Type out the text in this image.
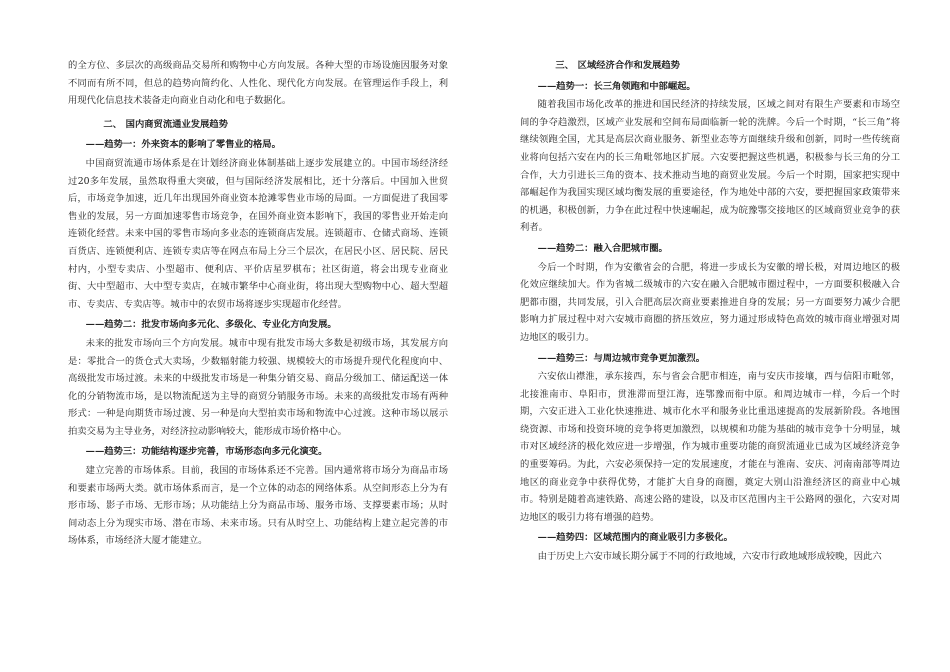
的全方位、多层次的高级商品交易所和购物中心方向发展。各种大型的市场设施因服务对象不同而有所不同，但总的趋势向简约化、人性化、现代化方向发展。在管理运作手段上，利用现代化信息技术装备走向商业自动化和电子数据化。

二、 国内商贸流通业发展趋势

——趋势一：外来资本的影响了零售业的格局。

中国商贸流通市场体系是在计划经济商业体制基础上逐步发展建立的。中国市场经济经过20多年发展，虽然取得重大突破，但与国际经济发展相比，还十分落后。中国加入世贸后，市场竞争加速，近几年出现国外商业资本抢滩零售业市场的局面。一方面促进了我国零售业的发展，另一方面加速零售市场竞争，在国外商业资本影响下，我国的零售业开始走向连锁化经营。未来中国的零售市场向多业态的连锁商店发展。连锁超市、仓储式商场、连锁百货店、连锁便利店、连锁专卖店等在网点布局上分三个层次，在居民小区、居民院、居民村内，小型专卖店、小型超市、便利店、平价店星罗棋布；社区街道，将会出现专业商业街、大中型超市、大中型专卖店，在城市繁华中心商业街，将出现大型购物中心、超大型超市、专卖店、专卖店等。城市中的农贸市场将逐步实现超市化经营。

——趋势二：批发市场向多元化、多级化、专业化方向发展。

未来的批发市场向三个方向发展。城市中现有批发市场大多数是初级市场，其发展方向是：零批合一的货仓式大卖场，少数辐射能力较强、规模较大的市场提升现代化程度向中、高级批发市场过渡。未来的中级批发市场是一种集分销交易、商品分级加工、储运配送一体化的分销物流市场，是以物流配送为主导的商贸分销服务市场。未来的高级批发市场有两种形式：一种是向期货市场过渡、另一种是向大型拍卖市场和物流中心过渡。这种市场以展示拍卖交易为主导业务，对经济拉动影响较大，能形成市场价格中心。

——趋势三：功能结构逐步完善，市场形态向多元化演变。

建立完善的市场体系。目前，我国的市场体系还不完善。国内通常将市场分为商品市场和要素市场两大类。就市场体系而言，是一个立体的动态的网络体系。从空间形态上分为有形市场、影子市场、无形市场；从功能结上分为商品市场、服务市场、支撑要素市场；从时间动态上分为现实市场、潜在市场、未来市场。只有从时空上、功能结构上建立起完善的市场体系，市场经济大厦才能建立。

三、 区域经济合作和发展趋势

——趋势一：长三角领跑和中部崛起。

随着我国市场化改革的推进和国民经济的持续发展，区域之间对有限生产要素和市场空间的争夺趋激烈，区域产业发展和空间布局面临新一轮的洗牌。今后一个时期，“长三角”将继续领跑全国，尤其是高层次商业服务、新型业态等方面继续升级和创新，同时一些传统商业将向包括六安在内的长三角毗邻地区扩展。六安要把握这些机遇，积极参与长三角的分工合作，大力引进长三角的资本、技术推动当地的商贸业发展。今后一个时期，国家把实现中部崛起作为我国实现区域均衡发展的重要途径，作为地处中部的六安，要把握国家政策带来的机遇，积极创新，力争在此过程中快速崛起，成为皖豫鄂交接地区的区域商贸业竞争的获利者。

——趋势二：融入合肥城市圈。

今后一个时期，作为安徽省会的合肥，将进一步成长为安徽的增长极，对周边地区的极化效应继续加大。作为省城二级城市的六安在融入合肥城市圈过程中，一方面要积极融入合肥都市圈，共同发展，引入合肥高层次商业要素推进自身的发展；另一方面要努力减少合肥影响力扩展过程中对六安城市商圈的挤压效应，努力通过形成特色高效的城市商业增强对周边地区的吸引力。

——趋势三：与周边城市竞争更加激烈。

六安依山襟淮，承东接西，东与省会合肥市相连，南与安庆市接壤，西与信阳市毗邻，北接淮南市、阜阳市，贯淮滞而望江海，连鄂豫而衔中原。和周边城市一样，今后一个时期，六安正进入工业化快速推进、城市化水平和服务业比重迅速提高的发展新阶段。各地围绕资源、市场和投资环境的竞争将更加激烈，以规模和功能为基础的城市竞争十分明显，城市对区域经济的极化效应进一步增强，作为城市重要功能的商贸流通业已成为区域经济竞争的重要筹码。为此，六安必须保持一定的发展速度，才能在与淮南、安庆、河南南部等周边地区的商业竞争中获得优势，才能扩大自身的商圈，奠定大别山沿淮经济区的商业中心城市。特别是随着高速铁路、高速公路的建设，以及市区范围内主干公路网的强化，六安对周边地区的吸引力将有增强的趋势。

——趋势四：区域范围内的商业吸引力多极化。

由于历史上六安市域长期分属于不同的行政地域，六安市行政地域形成较晚，因此六
